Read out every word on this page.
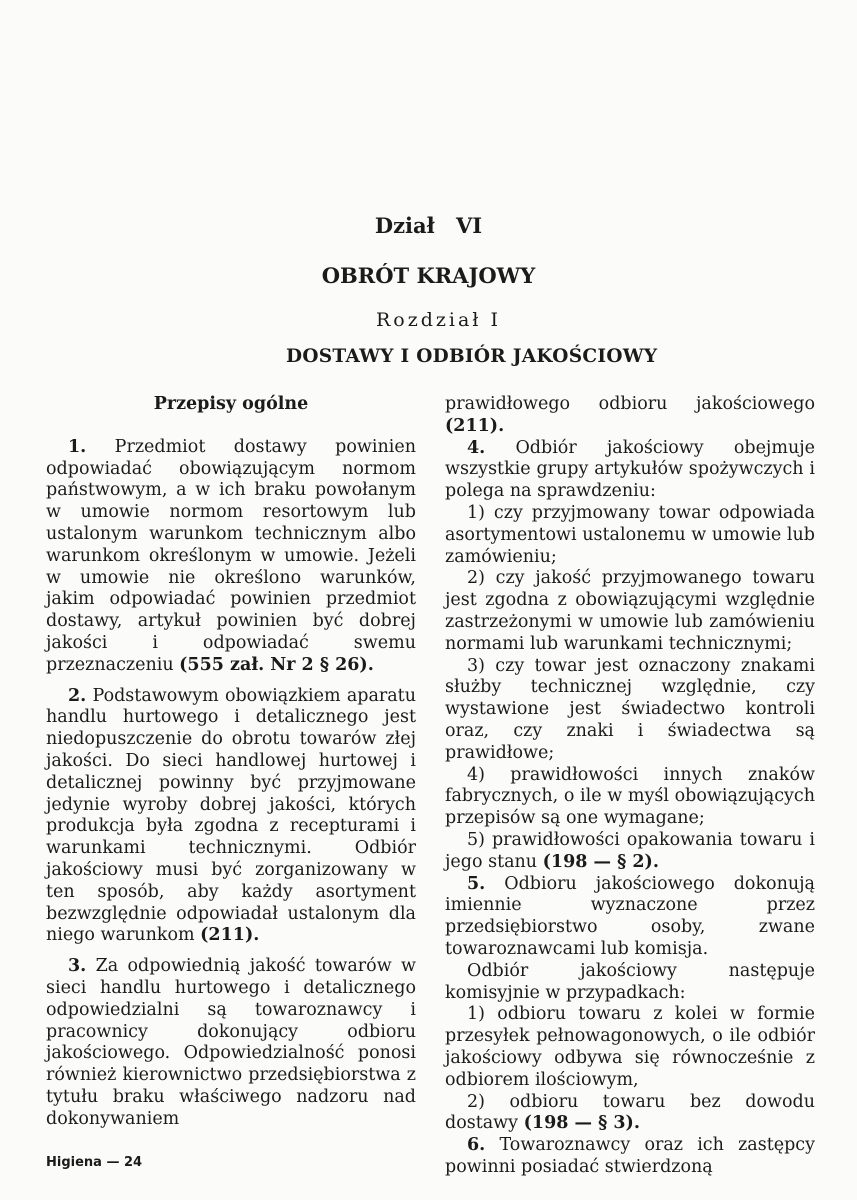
Dział VI
OBRÓT KRAJOWY
Rozdział I
DOSTAWY I ODBIÓR JAKOŚCIOWY

Przepisy ogólne

1. Przedmiot dostawy powinien odpowiadać obowiązującym normom państwowym, a w ich braku powołanym w umowie normom resortowym lub ustalonym warunkom technicznym albo warunkom określonym w umowie. Jeżeli w umowie nie określono warunków, jakim odpowiadać powinien przedmiot dostawy, artykuł powinien być dobrej jakości i odpowiadać swemu przeznaczeniu (555 zał. Nr 2 § 26).

2. Podstawowym obowiązkiem aparatu handlu hurtowego i detalicznego jest niedopuszczenie do obrotu towarów złej jakości. Do sieci handlowej hurtowej i detalicznej powinny być przyjmowane jedynie wyroby dobrej jakości, których produkcja była zgodna z recepturami i warunkami technicznymi. Odbiór jakościowy musi być zorganizowany w ten sposób, aby każdy asortyment bezwzględnie odpowiadał ustalonym dla niego warunkom (211).

3. Za odpowiednią jakość towarów w sieci handlu hurtowego i detalicznego odpowiedzialni są towaroznawcy i pracownicy dokonujący odbioru jakościowego. Odpowiedzialność ponosi również kierownictwo przedsiębiorstwa z tytułu braku właściwego nadzoru nad dokonywaniem

prawidłowego odbioru jakościowego (211).

4. Odbiór jakościowy obejmuje wszystkie grupy artykułów spożywczych i polega na sprawdzeniu:

1) czy przyjmowany towar odpowiada asortymentowi ustalonemu w umowie lub zamówieniu;

2) czy jakość przyjmowanego towaru jest zgodna z obowiązującymi względnie zastrzeżonymi w umowie lub zamówieniu normami lub warunkami technicznymi;

3) czy towar jest oznaczony znakami służby technicznej względnie, czy wystawione jest świadectwo kontroli oraz, czy znaki i świadectwa są prawidłowe;

4) prawidłowości innych znaków fabrycznych, o ile w myśl obowiązujących przepisów są one wymagane;

5) prawidłowości opakowania towaru i jego stanu (198 — § 2).

5. Odbioru jakościowego dokonują imiennie wyznaczone przez przedsiębiorstwo osoby, zwane towaroznawcami lub komisja.

Odbiór jakościowy następuje komisyjnie w przypadkach:

1) odbioru towaru z kolei w formie przesyłek pełnowagonowych, o ile odbiór jakościowy odbywa się równocześnie z odbiorem ilościowym,

2) odbioru towaru bez dowodu dostawy (198 — § 3).

6. Towaroznawcy oraz ich zastępcy powinni posiadać stwierdzoną

Higiena — 24
